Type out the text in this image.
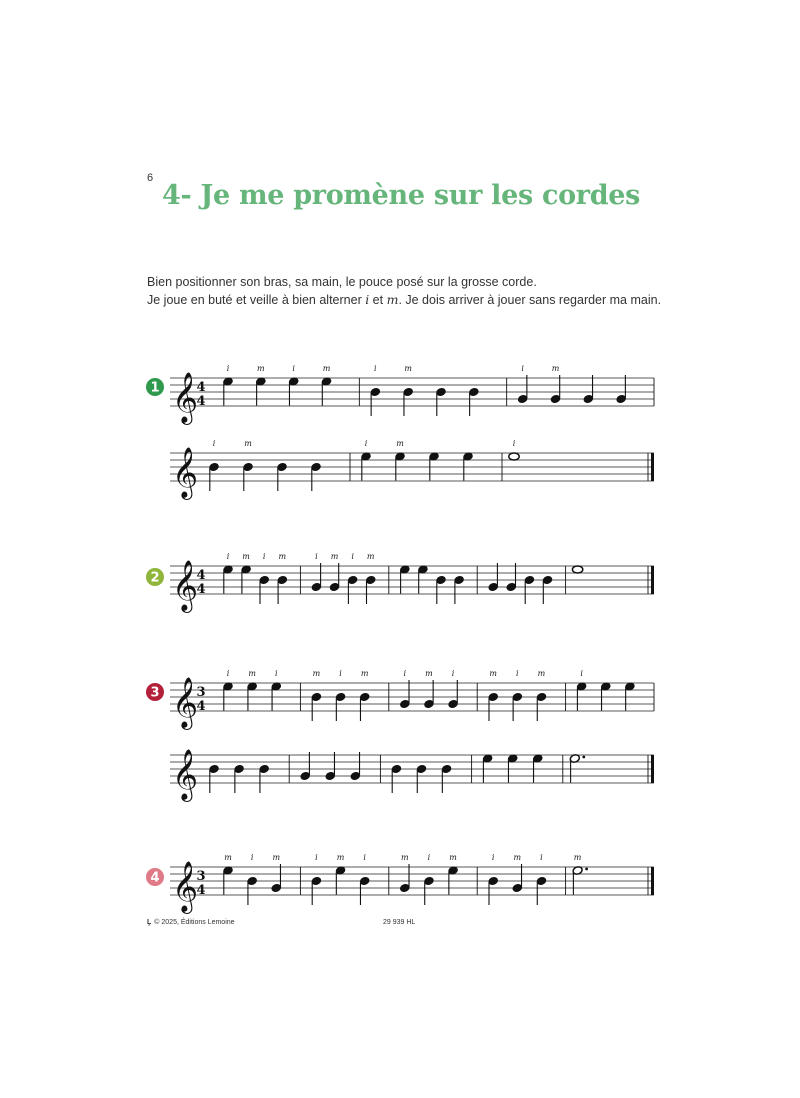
6
4- Je me promène sur les cordes

Bien positionner son bras, sa main, le pouce posé sur la grosse corde.

Je joue en buté et veille à bien alterner i et m. Je dois arriver à jouer sans regarder ma main.

1	4
4
i	m	i	m	i	m	i	m
i	m	i	m	i
𝄞
𝄞
2	4
4
i m i m	i m i m
𝄞
3	3
4
i m i	m i m	i m i	m i m	i
𝄞
𝄞
4	3
4
m i m	i m i	m i m	i m i	m
𝄞
Ḽ © 2025, Éditions Lemoine	29 939 HL
